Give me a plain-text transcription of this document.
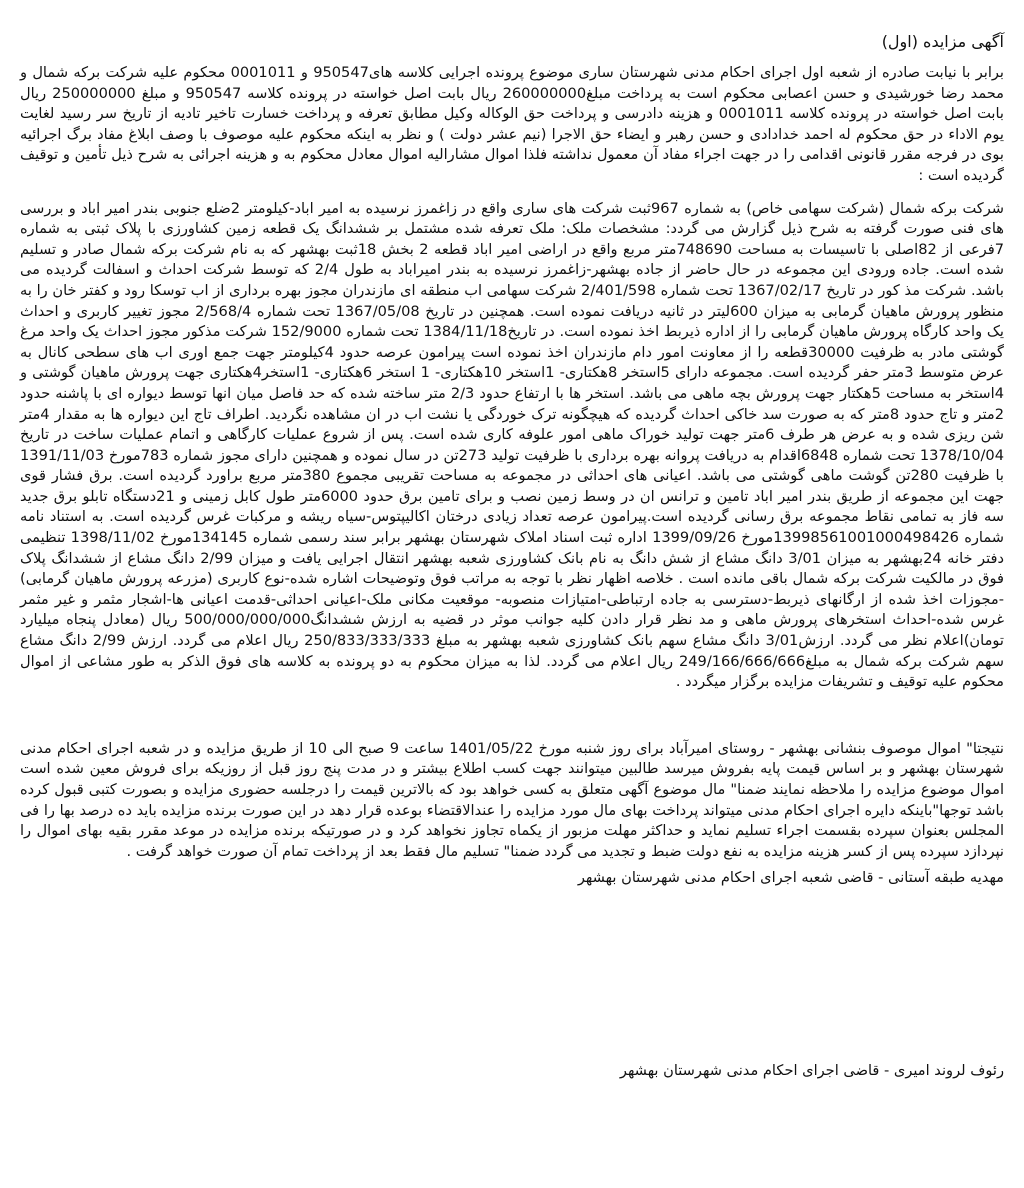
آگهی مزایده (اول)

برابر با نیابت صادره از شعبه اول اجرای احکام مدنی شهرستان ساری موضوع پرونده اجرایی کلاسه های950547 و 0001011 محکوم علیه شرکت برکه شمال و محمد رضا خورشیدی و حسن اعصابی محکوم است به پرداخت مبلغ260000000 ریال بابت اصل خواسته در پرونده کلاسه 950547 و مبلغ 250000000 ریال بابت اصل خواسته در پرونده کلاسه 0001011 و هزینه دادرسی و پرداخت حق الوکاله وکیل مطابق تعرفه و پرداخت خسارت تاخیر تادیه از تاریخ سر رسید لغایت یوم الاداء در حق محکوم له احمد خدادادی و حسن رهبر و ایضاء حق الاجرا (نیم عشر دولت ) و نظر به اینکه محکوم علیه موصوف با وصف ابلاغ مفاد برگ اجرائیه بوی در فرجه مقرر قانونی اقدامی را در جهت اجراء مفاد آن معمول نداشته فلذا اموال مشارالیه اموال معادل محکوم به و هزینه اجرائی به شرح ذیل تأمین و توقیف گردیده است :

شرکت برکه شمال (شرکت سهامی خاص) به شماره 967ثبت شرکت های ساری واقع در زاغمرز نرسیده به امیر اباد-کیلومتر 2ضلع جنوبی بندر امیر اباد و بررسی های فنی صورت گرفته به شرح ذیل گزارش می گردد: مشخصات ملک: ملک تعرفه شده مشتمل بر ششدانگ یک قطعه زمین کشاورزی با پلاک ثبتی به شماره 7فرعی از 82اصلی با تاسیسات به مساحت 748690متر مربع واقع در اراضی امیر اباد قطعه 2 بخش 18ثبت بهشهر که به نام شرکت برکه شمال صادر و تسلیم شده است. جاده ورودی این مجموعه در حال حاضر از جاده بهشهر-زاغمرز نرسیده به بندر امیراباد به طول 2/4 که توسط شرکت احداث و اسفالت گردیده می باشد. شرکت مذ کور در تاریخ 1367/02/17 تحت شماره 2/401/598 شرکت سهامی اب منطقه ای مازندران مجوز بهره برداری از اب توسکا رود و کفتر خان را به منظور پرورش ماهیان گرمابی به میزان 600لیتر در ثانیه دریافت نموده است. همچنین در تاریخ 1367/05/08 تحت شماره 2/568/4 مجوز تغییر کاربری و احداث یک واحد کارگاه پرورش ماهیان گرمابی را از اداره ذیربط اخذ نموده است. در تاریخ1384/11/18 تحت شماره 152/9000 شرکت مذکور مجوز احداث یک واحد مرغ گوشتی مادر به ظرفیت 30000قطعه را از معاونت امور دام مازندران اخذ نموده است پیرامون عرصه حدود 4کیلومتر جهت جمع اوری اب های سطحی کانال به عرض متوسط 3متر حفر گردیده است. مجموعه دارای 5استخر 8هکتاری- 1استخر 10هکتاری- 1 استخر 6هکتاری- 1استخر4هکتاری جهت پرورش ماهیان گوشتی و 4استخر به مساحت 5هکتار جهت پرورش بچه ماهی می باشد. استخر ها با ارتفاع حدود 2/3 متر ساخته شده که حد فاصل میان انها توسط دیواره ای با پاشنه حدود 2متر و تاج حدود 8متر که به صورت سد خاکی احداث گردیده که هیچگونه ترک خوردگی یا نشت اب در ان مشاهده نگردید. اطراف تاج این دیواره ها به مقدار 4متر شن ریزی شده و به عرض هر طرف 6متر جهت تولید خوراک ماهی امور علوفه کاری شده است. پس از شروع عملیات کارگاهی و اتمام عملیات ساخت در تاریخ 1378/10/04 تحت شماره 6848اقدام به دریافت پروانه بهره برداری با ظرفیت تولید 273تن در سال نموده و همچنین دارای مجوز شماره 783مورخ 1391/11/03 با ظرفیت 280تن گوشت ماهی گوشتی می باشد. اعیانی های احداثی در مجموعه به مساحت تقریبی مجموع 380متر مربع براورد گردیده است. برق فشار قوی جهت این مجموعه از طریق بندر امیر اباد تامین و ترانس ان در وسط زمین نصب و برای تامین برق حدود 6000متر طول کابل زمینی و 21دستگاه تابلو برق جدید سه فاز به تمامی نقاط مجموعه برق رسانی گردیده است.پیرامون عرصه تعداد زیادی درختان اکالیپتوس-سیاه ریشه و مرکبات غرس گردیده است. به استناد نامه شماره 139985610010004984‌26مورخ 1399/09/26 اداره ثبت اسناد املاک شهرستان بهشهر برابر سند رسمی شماره 134145مورخ 1398/11/02 تنظیمی دفتر خانه 24بهشهر به میزان 3/01 دانگ مشاع از شش دانگ به نام بانک کشاورزی شعبه بهشهر انتقال اجرایی یافت و میزان 2/99 دانگ مشاع از ششدانگ پلاک فوق در مالکیت شرکت برکه شمال باقی مانده است . خلاصه اظهار نظر با توجه به مراتب فوق وتوضیحات اشاره شده-نوع کاربری (مزرعه پرورش ماهیان گرمابی) -مجوزات اخذ شده از ارگانهای ذیربط-دسترسی به جاده ارتباطی-امتیازات منصوبه- موقعیت مکانی ملک-اعیانی احداثی-قدمت اعیانی ها-اشجار مثمر و غیر مثمر غرس شده-احداث استخرهای پرورش ماهی و مد نظر قرار دادن کلیه جوانب موثر در قضیه به ارزش ششدانگ500/000/000/000 ریال (معادل پنجاه میلیارد تومان)اعلام نظر می گردد. ارزش3/01 دانگ مشاع سهم بانک کشاورزی شعبه بهشهر به مبلغ 250/833/333/333 ریال اعلام می گردد. ارزش 2/99 دانگ مشاع سهم شرکت برکه شمال به مبلغ249/166/666/666 ریال اعلام می گردد. لذا به میزان محکوم به دو پرونده به کلاسه های فوق الذکر به طور مشاعی از اموال محکوم علیه توقیف و تشریفات مزایده برگزار میگردد .

نتیجتا" اموال موصوف بنشانی بهشهر - روستای امیرآباد برای روز شنبه مورخ 1401/05/22 ساعت 9 صبح الی 10 از طریق مزایده و در شعبه اجرای احکام مدنی شهرستان بهشهر و بر اساس قیمت پایه بفروش میرسد طالبین میتوانند جهت کسب اطلاع بیشتر و در مدت پنج روز قبل از روزیکه برای فروش معین شده است اموال موضوع مزایده را ملاحظه نمایند ضمنا" مال موضوع آگهی متعلق به کسی خواهد بود که بالاترین قیمت را درجلسه حضوری مزایده و بصورت کتبی قبول کرده باشد توجها"باینکه دایره اجرای احکام مدنی میتواند پرداخت بهای مال مورد مزایده را عندالاقتضاء بوعده قرار دهد در این صورت برنده مزایده باید ده درصد بها را فی المجلس بعنوان سپرده بقسمت اجراء تسلیم نماید و حداکثر مهلت مزبور از یکماه تجاوز نخواهد کرد و در صورتیکه برنده مزایده در موعد مقرر بقیه بهای اموال را نپردازد سپرده پس از کسر هزینه مزایده به نفع دولت ضبط و تجدید می گردد ضمنا" تسلیم مال فقط بعد از پرداخت تمام آن صورت خواهد گرفت .

مهدیه طبقه آستانی - قاضی شعبه اجرای احکام مدنی شهرستان بهشهر

رئوف لروند امیری - قاضی اجرای احکام مدنی شهرستان بهشهر
